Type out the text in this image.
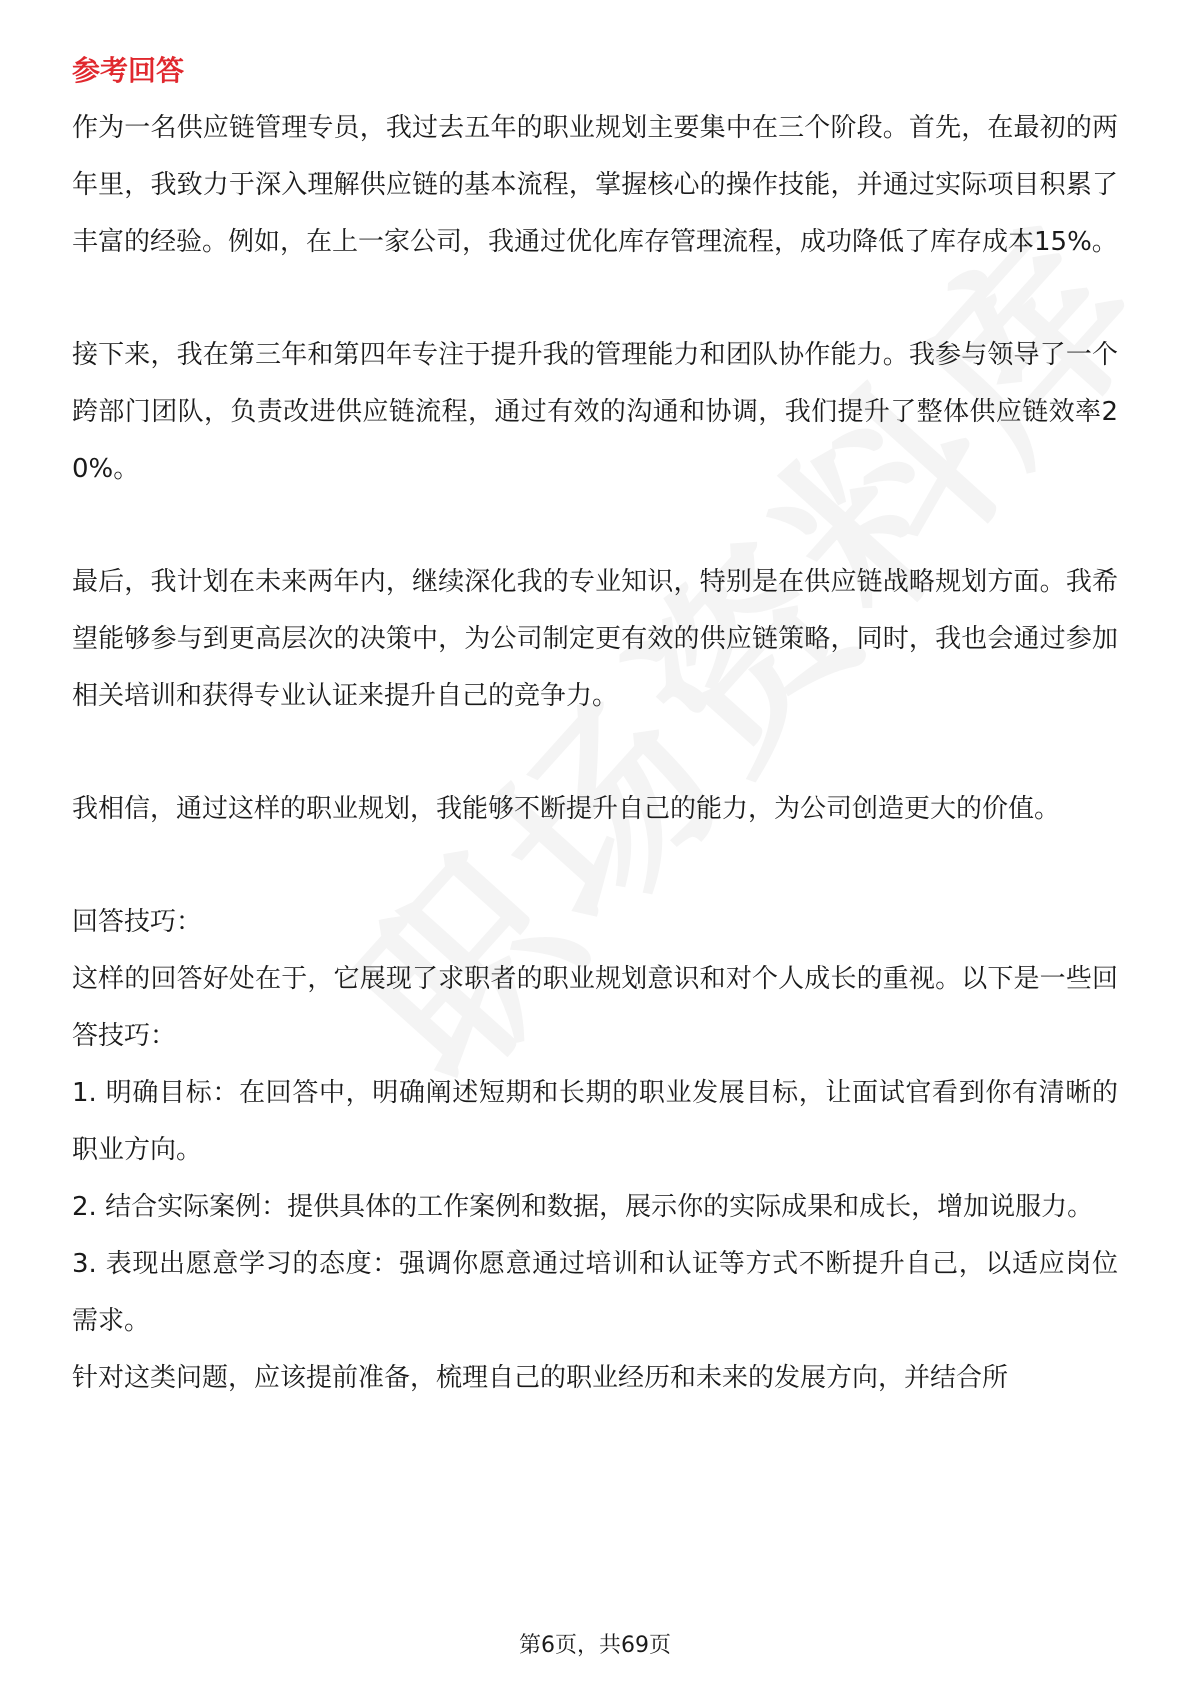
参考回答

作为一名供应链管理专员，我过去五年的职业规划主要集中在三个阶段。首先，在最初的两年里，我致力于深入理解供应链的基本流程，掌握核心的操作技能，并通过实际项目积累了丰富的经验。例如，在上一家公司，我通过优化库存管理流程，成功降低了库存成本15%。

接下来，我在第三年和第四年专注于提升我的管理能力和团队协作能力。我参与领导了一个跨部门团队，负责改进供应链流程，通过有效的沟通和协调，我们提升了整体供应链效率20%。

最后，我计划在未来两年内，继续深化我的专业知识，特别是在供应链战略规划方面。我希望能够参与到更高层次的决策中，为公司制定更有效的供应链策略，同时，我也会通过参加相关培训和获得专业认证来提升自己的竞争力。

我相信，通过这样的职业规划，我能够不断提升自己的能力，为公司创造更大的价值。

回答技巧：

这样的回答好处在于，它展现了求职者的职业规划意识和对个人成长的重视。以下是一些回答技巧：

1. 明确目标：在回答中，明确阐述短期和长期的职业发展目标，让面试官看到你有清晰的职业方向。

2. 结合实际案例：提供具体的工作案例和数据，展示你的实际成果和成长，增加说服力。

3. 表现出愿意学习的态度：强调你愿意通过培训和认证等方式不断提升自己，以适应岗位需求。

针对这类问题，应该提前准备，梳理自己的职业经历和未来的发展方向，并结合所

第6页，共69页
